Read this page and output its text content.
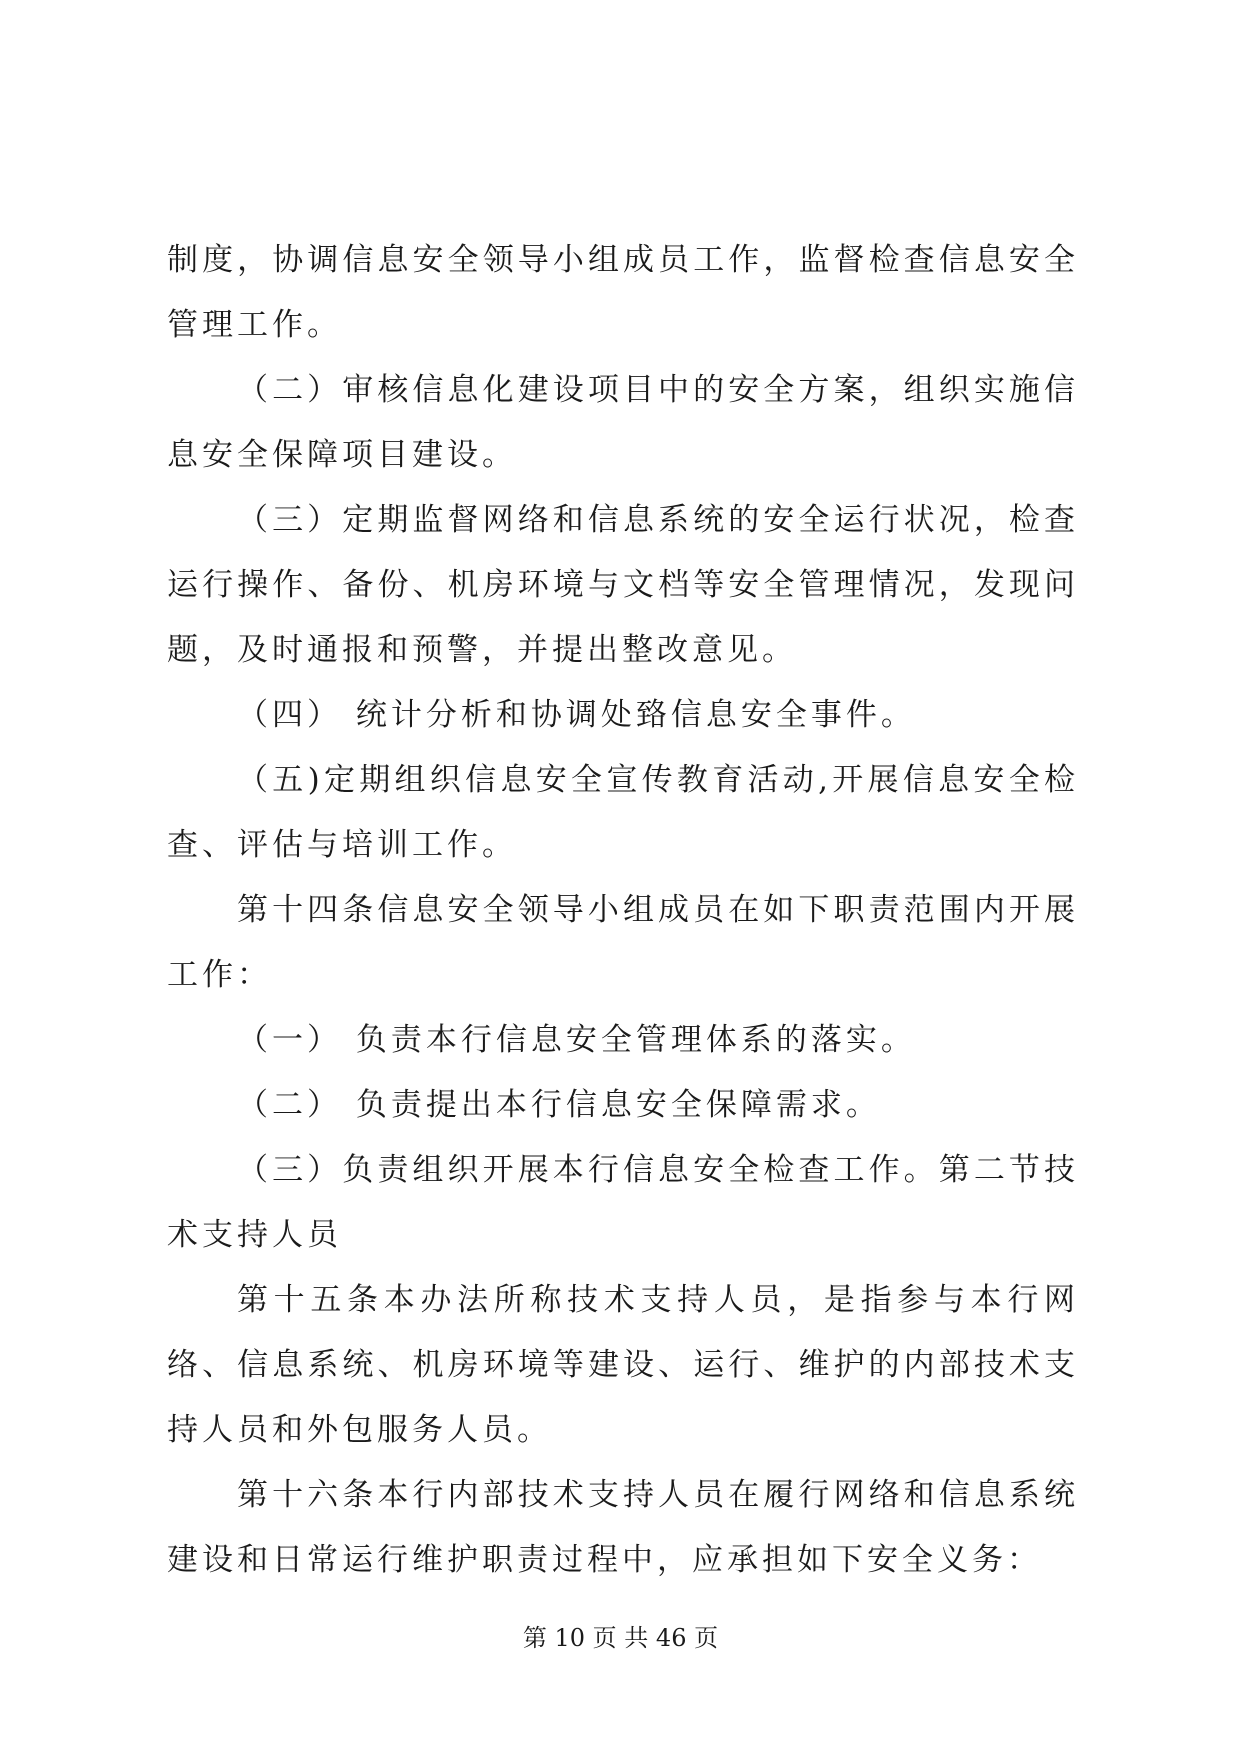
制度，协调信息安全领导小组成员工作，监督检查信息安全管理工作。

（二）审核信息化建设项目中的安全方案，组织实施信息安全保障项目建设。

（三）定期监督网络和信息系统的安全运行状况，检查运行操作、备份、机房环境与文档等安全管理情况，发现问题，及时通报和预警，并提出整改意见。

（四） 统计分析和协调处臵信息安全事件。

（五)定期组织信息安全宣传教育活动,开展信息安全检查、评估与培训工作。

第十四条信息安全领导小组成员在如下职责范围内开展工作：

（一） 负责本行信息安全管理体系的落实。

（二） 负责提出本行信息安全保障需求。

（三）负责组织开展本行信息安全检查工作。第二节技术支持人员

第十五条本办法所称技术支持人员，是指参与本行网络、信息系统、机房环境等建设、运行、维护的内部技术支持人员和外包服务人员。

第十六条本行内部技术支持人员在履行网络和信息系统建设和日常运行维护职责过程中，应承担如下安全义务：

第 10 页 共 46 页
